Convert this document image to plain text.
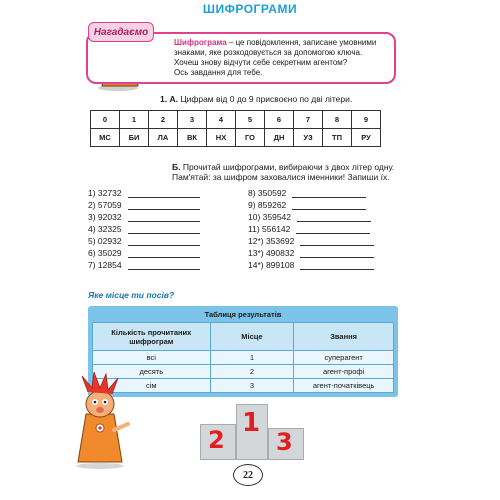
ШИФРОГРАМИ
Нагадаємо
Шифрограма – це повідомлення, записане умовними
знаками, яке розкодовується за допомогою ключа.
Хочеш знову відчути себе секретним агентом?
Ось завдання для тебе.
1. А. Цифрам від 0 до 9 присвоєно по дві літери.
0	1	2	3	4	5	6	7	8	9
МС	БИ	ЛА	ВК	НХ	ГО	ДН	УЗ	ТП	РУ
Б. Прочитай шифрограми, вибираючи з двох літер одну.
Пам'ятай: за шифром заховалися іменники! Запиши їх.
1) 32732
2) 57059
3) 92032
4) 32325
5) 02932
6) 35029
7) 12854
8) 350592
9) 859262
10) 359542
11) 556142
12*) 353692
13*) 490832
14*) 899108
Яке місце ти посів?
Таблиця результатів
Кількість прочитаних шифрограм	Місце	Звання
всі	1	суперагент
десять	2	агент-профі
сім	3	агент-початківець
1
2 3
22
